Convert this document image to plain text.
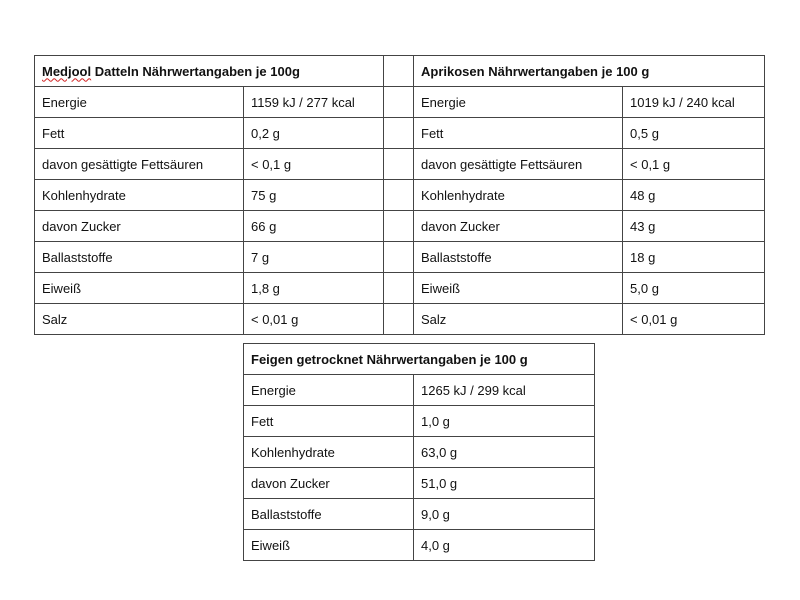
Medjool Datteln Nährwertangaben je 100g			Aprikosen Nährwertangaben je 100 g	
Energie	1159 kJ / 277 kcal		Energie	1019 kJ / 240 kcal
Fett	0,2 g		Fett	0,5 g
davon gesättigte Fettsäuren	< 0,1 g		davon gesättigte Fettsäuren	< 0,1 g
Kohlenhydrate	75 g		Kohlenhydrate	48 g
davon Zucker	66 g		davon Zucker	43 g
Ballaststoffe	7 g		Ballaststoffe	18 g
Eiweiß	1,8 g		Eiweiß	5,0 g
Salz	< 0,01 g		Salz	< 0,01 g
Feigen getrocknet Nährwertangaben je 100 g	
Energie	1265 kJ / 299 kcal
Fett	1,0 g
Kohlenhydrate	63,0 g
davon Zucker	51,0 g
Ballaststoffe	9,0 g
Eiweiß	4,0 g
